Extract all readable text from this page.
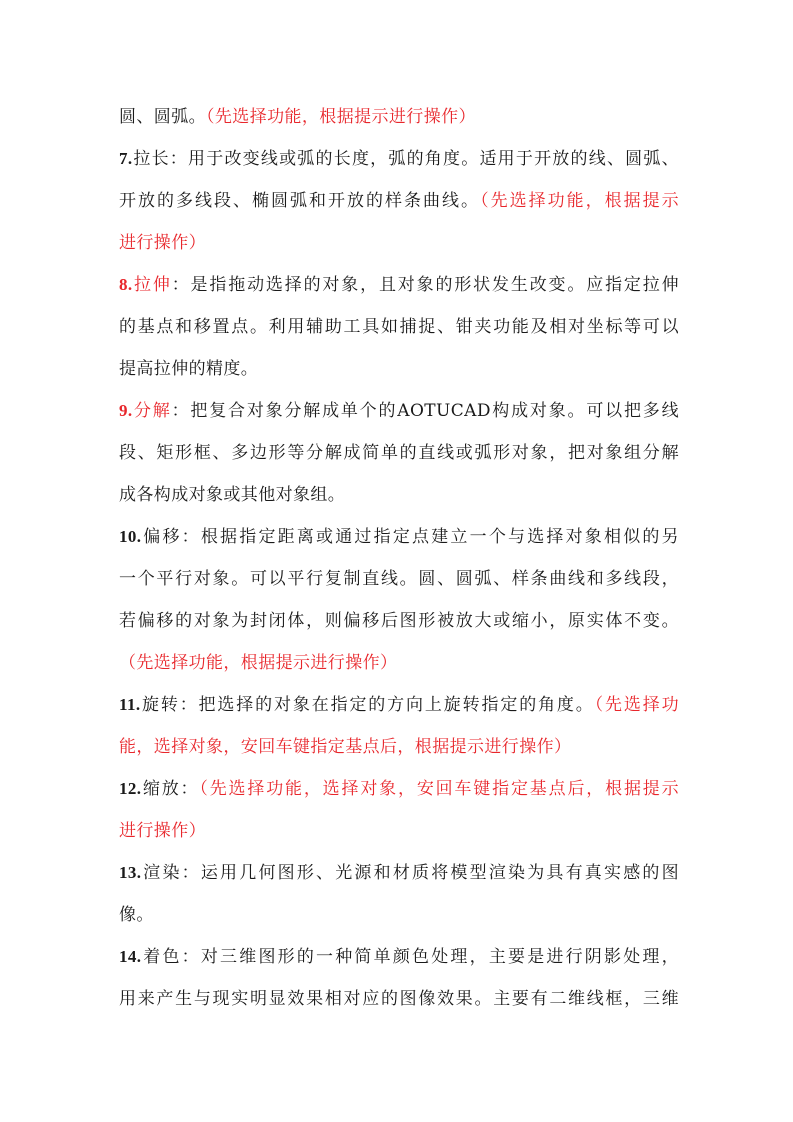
圆、圆弧。（先选择功能，根据提示进行操作）
7.拉长：用于改变线或弧的长度，弧的角度。适用于开放的线、圆弧、
开放的多线段、椭圆弧和开放的样条曲线。（先选择功能，根据提示
进行操作）
8.拉伸：是指拖动选择的对象，且对象的形状发生改变。应指定拉伸
的基点和移置点。利用辅助工具如捕捉、钳夹功能及相对坐标等可以
提高拉伸的精度。
9.分解：把复合对象分解成单个的AOTUCAD构成对象。可以把多线
段、矩形框、多边形等分解成简单的直线或弧形对象，把对象组分解
成各构成对象或其他对象组。
10.偏移：根据指定距离或通过指定点建立一个与选择对象相似的另
一个平行对象。可以平行复制直线。圆、圆弧、样条曲线和多线段，
若偏移的对象为封闭体，则偏移后图形被放大或缩小，原实体不变。
（先选择功能，根据提示进行操作）
11.旋转：把选择的对象在指定的方向上旋转指定的角度。（先选择功
能，选择对象，安回车键指定基点后，根据提示进行操作）
12.缩放：（先选择功能，选择对象，安回车键指定基点后，根据提示
进行操作）
13.渲染：运用几何图形、光源和材质将模型渲染为具有真实感的图
像。
14.着色：对三维图形的一种简单颜色处理，主要是进行阴影处理，
用来产生与现实明显效果相对应的图像效果。主要有二维线框，三维
